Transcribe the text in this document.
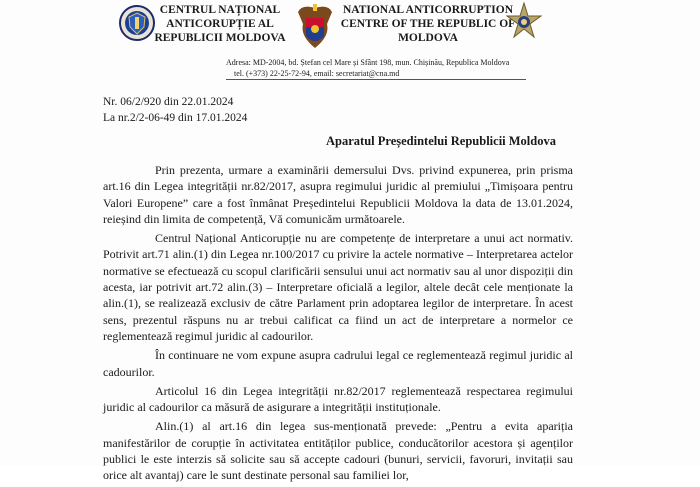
CENTRUL NAȚIONAL
ANTICORUPȚIE AL
REPUBLICII MOLDOVA
NATIONAL ANTICORRUPTION
CENTRE OF THE REPUBLIC OF
MOLDOVA
Adresa: MD-2004, bd. Ștefan cel Mare și Sfânt 198, mun. Chișinău, Republica Moldova
tel. (+373) 22-25-72-94, email: secretariat@cna.md
Nr. 06/2/920 din 22.01.2024
La nr.2/2-06-49 din 17.01.2024
Aparatul Președintelui Republicii Moldova

Prin prezenta, urmare a examinării demersului Dvs. privind expunerea, prin prisma art.16 din Legea integrității nr.82/2017, asupra regimului juridic al premiului „Timișoara pentru Valori Europene” care a fost înmânat Președintelui Republicii Moldova la data de 13.01.2024, reieșind din limita de competență, Vă comunicăm următoarele.

Centrul Național Anticorupție nu are competențe de interpretare a unui act normativ. Potrivit art.71 alin.(1) din Legea nr.100/2017 cu privire la actele normative – Interpretarea actelor normative se efectuează cu scopul clarificării sensului unui act normativ sau al unor dispoziții din acesta, iar potrivit art.72 alin.(3) – Interpretare oficială a legilor, altele decât cele menționate la alin.(1), se realizează exclusiv de către Parlament prin adoptarea legilor de interpretare. În acest sens, prezentul răspuns nu ar trebui calificat ca fiind un act de interpretare a normelor ce reglementează regimul juridic al cadourilor.

În continuare ne vom expune asupra cadrului legal ce reglementează regimul juridic al cadourilor.

Articolul 16 din Legea integrității nr.82/2017 reglementează respectarea regimului juridic al cadourilor ca măsură de asigurare a integrității instituționale.

Alin.(1) al art.16 din legea sus-menționată prevede: „Pentru a evita apariția manifestărilor de corupție în activitatea entităților publice, conducătorilor acestora și agenților publici le este interzis să solicite sau să accepte cadouri (bunuri, servicii, favoruri, invitații sau orice alt avantaj) care le sunt destinate personal sau familiei lor,
